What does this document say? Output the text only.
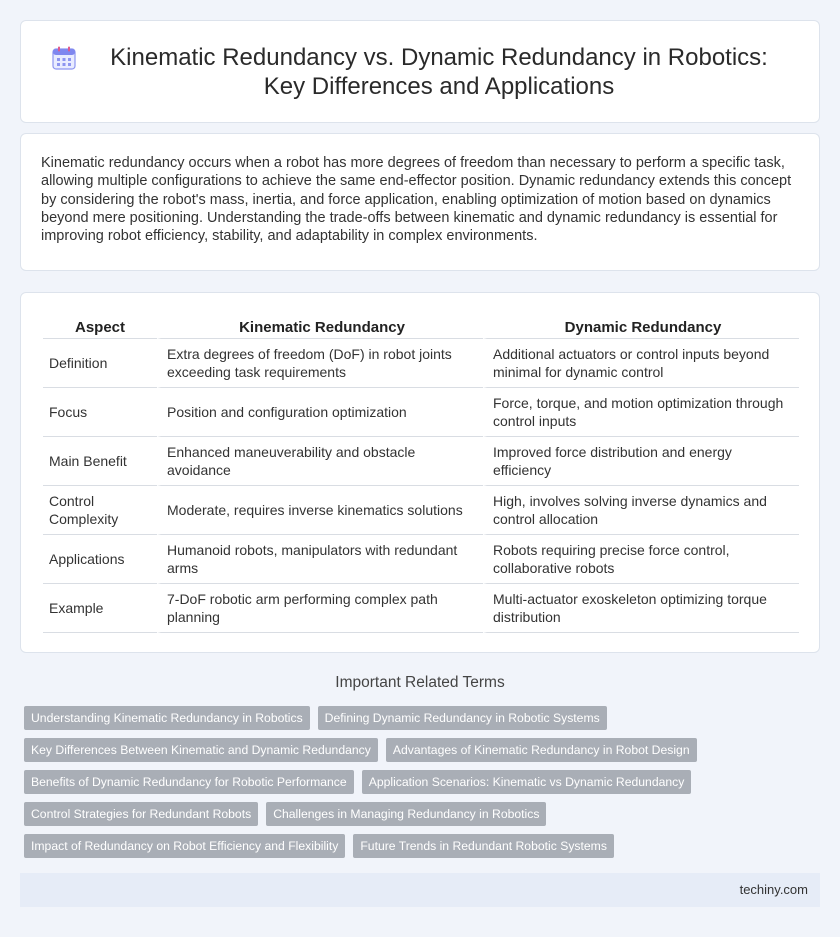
Kinematic Redundancy vs. Dynamic Redundancy in Robotics: Key Differences and Applications

Kinematic redundancy occurs when a robot has more degrees of freedom than necessary to perform a specific task, allowing multiple configurations to achieve the same end-effector position. Dynamic redundancy extends this concept by considering the robot's mass, inertia, and force application, enabling optimization of motion based on dynamics beyond mere positioning. Understanding the trade-offs between kinematic and dynamic redundancy is essential for improving robot efficiency, stability, and adaptability in complex environments.

Aspect	Kinematic Redundancy	Dynamic Redundancy
Definition	Extra degrees of freedom (DoF) in robot joints exceeding task requirements	Additional actuators or control inputs beyond minimal for dynamic control
Focus	Position and configuration optimization	Force, torque, and motion optimization through control inputs
Main Benefit	Enhanced maneuverability and obstacle avoidance	Improved force distribution and energy efficiency
Control Complexity	Moderate, requires inverse kinematics solutions	High, involves solving inverse dynamics and control allocation
Applications	Humanoid robots, manipulators with redundant arms	Robots requiring precise force control, collaborative robots
Example	7-DoF robotic arm performing complex path planning	Multi-actuator exoskeleton optimizing torque distribution
Important Related Terms
Understanding Kinematic Redundancy in Robotics	Defining Dynamic Redundancy in Robotic Systems
Key Differences Between Kinematic and Dynamic Redundancy	Advantages of Kinematic Redundancy in Robot Design
Benefits of Dynamic Redundancy for Robotic Performance	Application Scenarios: Kinematic vs Dynamic Redundancy
Control Strategies for Redundant Robots	Challenges in Managing Redundancy in Robotics
Impact of Redundancy on Robot Efficiency and Flexibility	Future Trends in Redundant Robotic Systems
techiny.com
